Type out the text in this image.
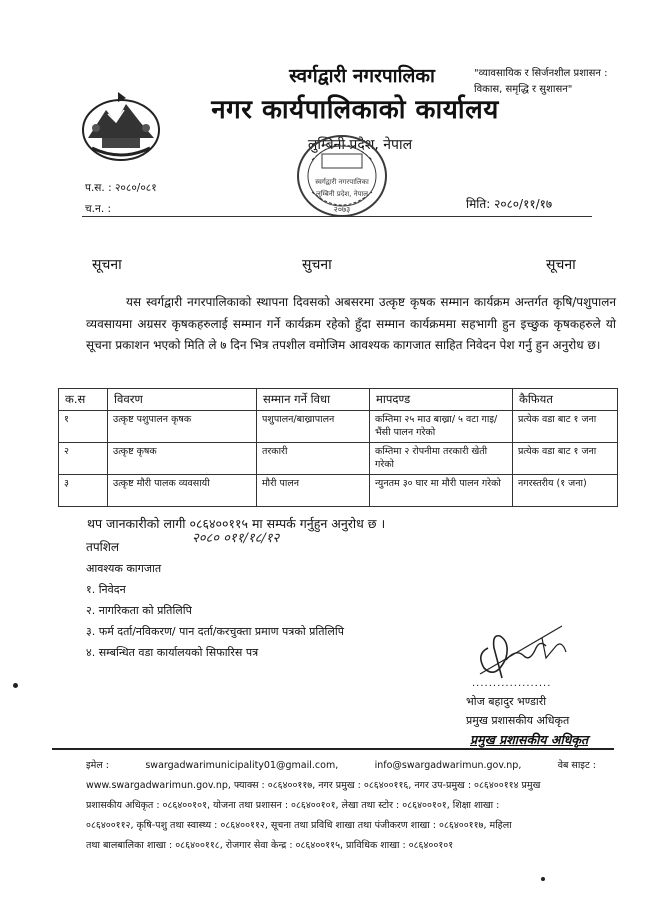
स्वर्गद्वारी नगरपालिका
नगर कार्यपालिकाको कार्यालय
लुम्बिनी प्रदेश, नेपाल
"व्यावसायिक र सिर्जनशील प्रशासन :
विकास, समृद्धि र सुशासन"
स्वर्गद्वारी नगरपालिका
लुम्बिनी प्रदेश, नेपाल
२०७३
प.स. : २०८०/०८१
च.न. :	मिति: २०८०/११/१७
सूचना	सुचना	सूचना
यस स्वर्गद्वारी नगरपालिकाको स्थापना दिवसको अबसरमा उत्कृष्ट कृषक सम्मान कार्यक्रम अन्तर्गत कृषि/पशुपालन व्यवसायमा अग्रसर कृषकहरुलाई सम्मान गर्ने कार्यक्रम रहेको हुँदा सम्मान कार्यक्रममा सहभागी हुन इच्छुक कृषकहरुले यो सूचना प्रकाशन भएको मिति ले ७ दिन भित्र तपशील वमोजिम आवश्यक कागजात साहित निवेदन पेश गर्नु हुन अनुरोध छ।
क.स	विवरण	सम्मान गर्ने विधा	मापदण्ड	कैफियत
१	उत्कृष्ट पशुपालन कृषक	पशुपालन/बाख्रापालन	कम्तिमा २५ माउ बाख्रा/ ५ वटा गाइ/भैंसी पालन गरेको	प्रत्येक वडा बाट १ जना
२	उत्कृष्ट कृषक	तरकारी	कम्तिमा २ रोपनीमा तरकारी खेती गरेको	प्रत्येक वडा बाट १ जना
३	उत्कृष्ट मौरी पालक व्यवसायी	मौरी पालन	न्युनतम ३० घार मा मौरी पालन गरेको	नगरस्तरीय (१ जना)
थप जानकारीको लागी ०८६४००११५ मा सम्पर्क गर्नुहुन अनुरोध छ ।
२०८० ०११/१८/१२
तपशिल
आवश्यक कागजात
१. निवेदन
२. नागरिकता को प्रतिलिपि
३. फर्म दर्ता/नविकरण/ पान दर्ता/करचुक्ता प्रमाण पत्रको प्रतिलिपि
४. सम्बन्धित वडा कार्यालयको सिफारिस पत्र
...................
भोज बहादुर भण्डारी
प्रमुख प्रशासकीय अधिकृत
प्रमुख प्रशासकीय अधिकृत
इमेल :	swargadwarimunicipality01@gmail.com,	info@swargadwarimun.gov.np,	वेब साइट :
www.swargadwarimun.gov.np, फ्याक्स : ०८६४००११७, नगर प्रमुख : ०८६४००११६, नगर उप-प्रमुख : ०८६४००११४ प्रमुख
प्रशासकीय अधिकृत : ०८६४००१०१, योजना तथा प्रशासन : ०८६४००१०१, लेखा तथा स्टोर : ०८६४००१०१, शिक्षा शाखा :
०८६४००११२, कृषि-पशु तथा स्वास्थ्य : ०८६४००११२, सूचना तथा प्रविधि शाखा तथा पंजीकरण शाखा : ०८६४००११७, महिला
तथा बालबालिका शाखा : ०८६४००११८, रोजगार सेवा केन्द्र : ०८६४००११५, प्राविधिक शाखा : ०८६४००१०१
